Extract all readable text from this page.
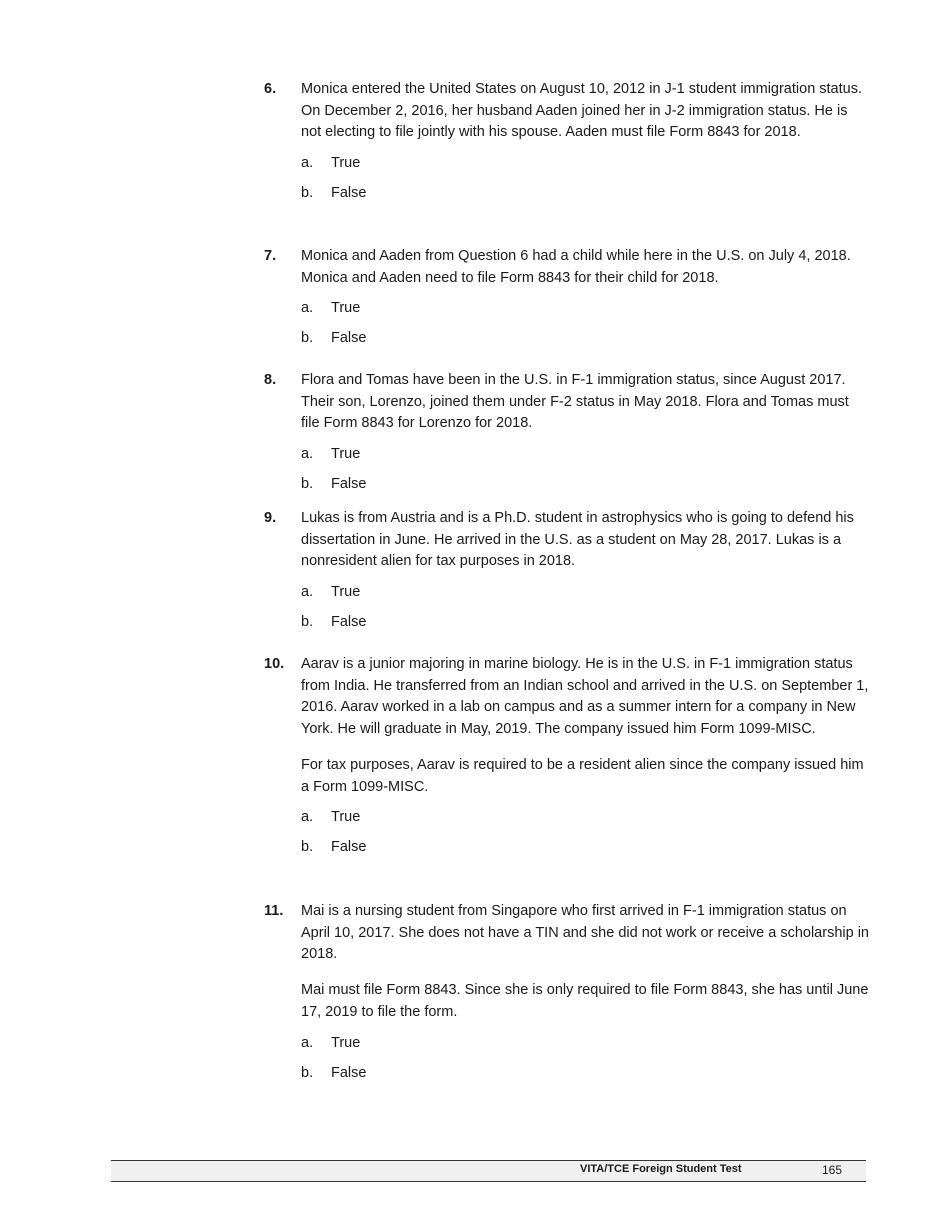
6. Monica entered the United States on August 10, 2012 in J-1 student immigration status. On December 2, 2016, her husband Aaden joined her in J-2 immigration status. He is not electing to file jointly with his spouse. Aaden must file Form 8843 for 2018.

a. True
b. False
7. Monica and Aaden from Question 6 had a child while here in the U.S. on July 4, 2018. Monica and Aaden need to file Form 8843 for their child for 2018.

a. True
b. False
8. Flora and Tomas have been in the U.S. in F-1 immigration status, since August 2017. Their son, Lorenzo, joined them under F-2 status in May 2018. Flora and Tomas must file Form 8843 for Lorenzo for 2018.

a. True
b. False
9. Lukas is from Austria and is a Ph.D. student in astrophysics who is going to defend his dissertation in June. He arrived in the U.S. as a student on May 28, 2017. Lukas is a nonresident alien for tax purposes in 2018.

a. True
b. False
10. Aarav is a junior majoring in marine biology. He is in the U.S. in F-1 immigration status from India. He transferred from an Indian school and arrived in the U.S. on September 1, 2016. Aarav worked in a lab on campus and as a summer intern for a company in New York. He will graduate in May, 2019. The company issued him Form 1099-MISC.

For tax purposes, Aarav is required to be a resident alien since the company issued him a Form 1099-MISC.

a. True
b. False
11. Mai is a nursing student from Singapore who first arrived in F-1 immigration status on April 10, 2017. She does not have a TIN and she did not work or receive a scholarship in 2018.

Mai must file Form 8843. Since she is only required to file Form 8843, she has until June 17, 2019 to file the form.

a. True
b. False
VITA/TCE Foreign Student Test	165
